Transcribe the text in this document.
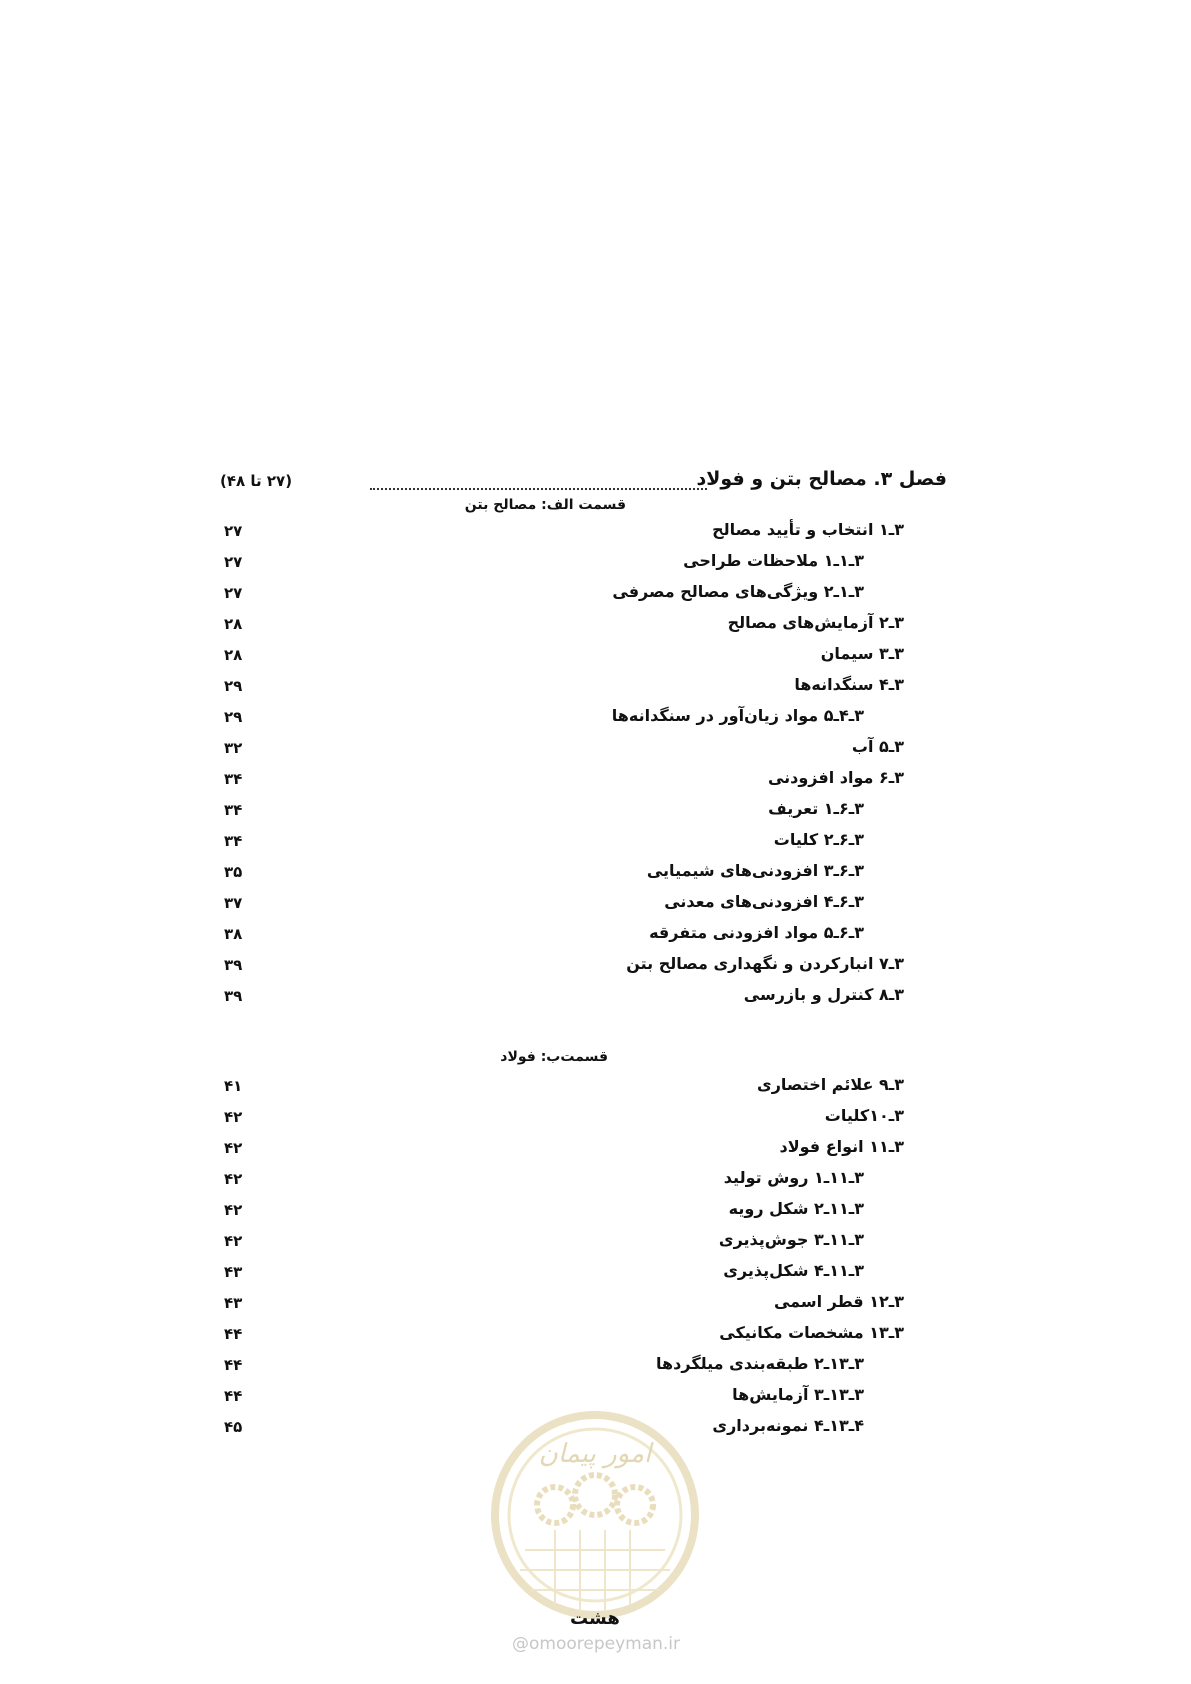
فصل ۳. مصالح بتن و فولاد
(۲۷ تا ۴۸)
قسمت الف: مصالح بتن
۳ـ۱ انتخاب و تأیید مصالح
۲۷
۳ـ۱ـ۱ ملاحظات طراحی
۲۷
۳ـ۱ـ۲ ویژگی‌های مصالح مصرفی
۲۷
۳ـ۲ آزمایش‌های مصالح
۲۸
۳ـ۳ سیمان
۲۸
۳ـ۴ سنگدانه‌ها
۲۹
۳ـ۴ـ۵ مواد زیان‌آور در سنگدانه‌ها
۲۹
۳ـ۵ آب
۳۲
۳ـ۶ مواد افزودنی
۳۴
۳ـ۶ـ۱ تعریف
۳۴
۳ـ۶ـ۲ کلیات
۳۴
۳ـ۶ـ۳ افزودنی‌های شیمیایی
۳۵
۳ـ۶ـ۴ افزودنی‌های معدنی
۳۷
۳ـ۶ـ۵ مواد افزودنی متفرقه
۳۸
۳ـ۷ انبارکردن و نگهداری مصالح بتن
۳۹
۳ـ۸ کنترل و بازرسی
۳۹
قسمت‌ب: فولاد
۳ـ۹ علائم اختصاری
۴۱
۳ـ۱۰کلیات
۴۲
۳ـ۱۱ انواع فولاد
۴۲
۳ـ۱۱ـ۱ روش تولید
۴۲
۳ـ۱۱ـ۲ شکل رویه
۴۲
۳ـ۱۱ـ۳ جوش‌پذیری
۴۲
۳ـ۱۱ـ۴ شکل‌پذیری
۴۳
۳ـ۱۲ قطر اسمی
۴۳
۳ـ۱۳ مشخصات مکانیکی
۴۴
۳ـ۱۳ـ۲ طبقه‌بندی میلگردها
۴۴
۳ـ۱۳ـ۳ آزمایش‌ها
۴۴
۴ـ۱۳ـ۴ نمونه‌برداری
۴۵
امور پیمان
@omoorepeyman.ir
هشت
